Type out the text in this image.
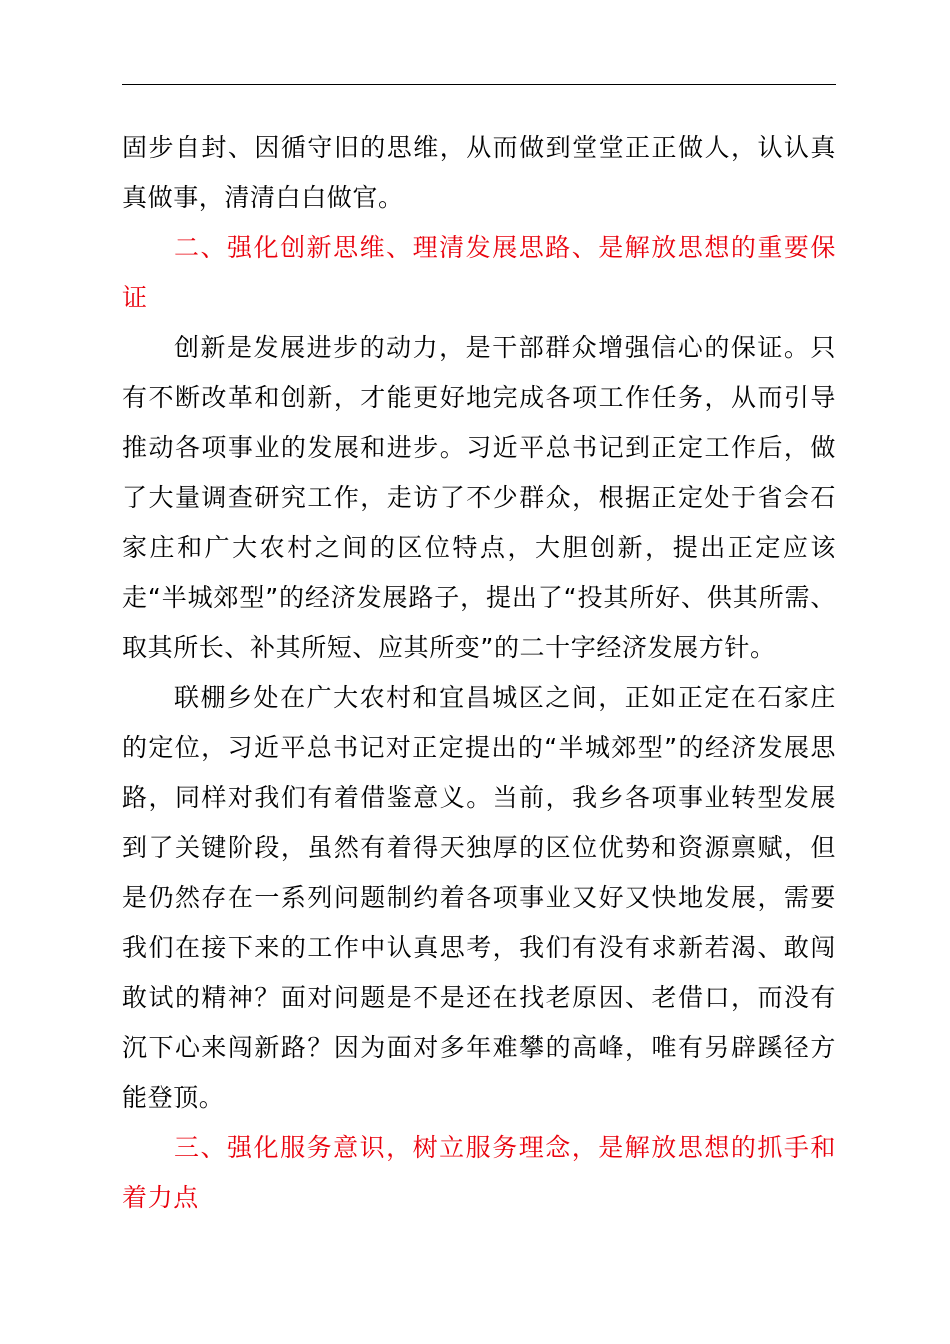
固步自封、因循守旧的思维，从而做到堂堂正正做人，认认真真做事，清清白白做官。

二、强化创新思维、理清发展思路、是解放思想的重要保证

创新是发展进步的动力，是干部群众增强信心的保证。只有不断改革和创新，才能更好地完成各项工作任务，从而引导推动各项事业的发展和进步。习近平总书记到正定工作后，做了大量调查研究工作，走访了不少群众，根据正定处于省会石家庄和广大农村之间的区位特点，大胆创新，提出正定应该走“半城郊型”的经济发展路子，提出了“投其所好、供其所需、取其所长、补其所短、应其所变”的二十字经济发展方针。

联棚乡处在广大农村和宜昌城区之间，正如正定在石家庄的定位，习近平总书记对正定提出的“半城郊型”的经济发展思路，同样对我们有着借鉴意义。当前，我乡各项事业转型发展到了关键阶段，虽然有着得天独厚的区位优势和资源禀赋，但是仍然存在一系列问题制约着各项事业又好又快地发展，需要我们在接下来的工作中认真思考，我们有没有求新若渴、敢闯敢试的精神？面对问题是不是还在找老原因、老借口，而没有沉下心来闯新路？因为面对多年难攀的高峰，唯有另辟蹊径方能登顶。

三、强化服务意识，树立服务理念，是解放思想的抓手和着力点
